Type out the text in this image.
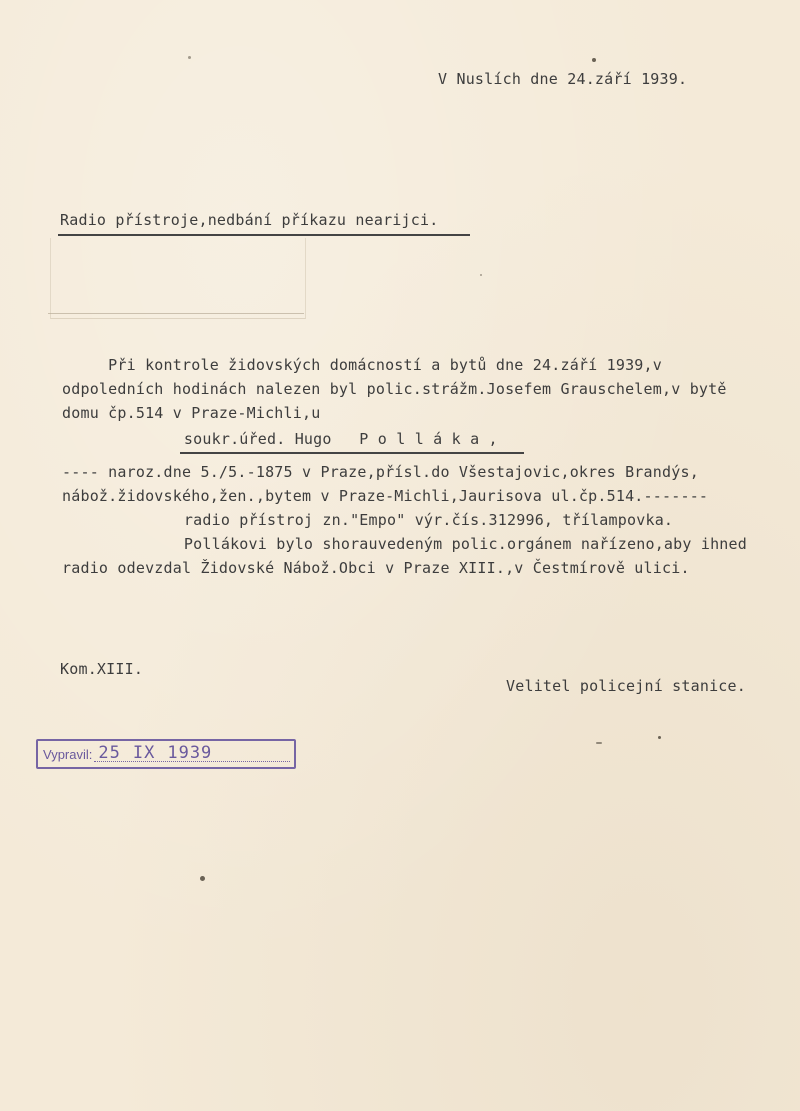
V Nuslích dne 24.září 1939.
Radio přístroje,nedbání příkazu nearijci.
Při kontrole židovských domácností a bytů dne 24.září 1939,v
odpoledních hodinách nalezen byl polic.strážm.Josefem Grauschelem,v bytě
domu čp.514 v Praze-Michli,u
soukr.úřed. Hugo   P o l l á k a ,
---- naroz.dne 5./5.-1875 v Praze,přísl.do Všestajovic,okres Brandýs,
nábož.židovského,žen.,bytem v Praze-Michli,Jaurisova ul.čp.514.-------
radio přístroj zn."Empo" výr.čís.312996, třílampovka.
Pollákovi bylo shorauvedeným polic.orgánem nařízeno,aby ihned
radio odevzdal Židovské Nábož.Obci v Praze XIII.,v Čestmírově ulici.
Kom.XIII.
Velitel policejní stanice.
Vypravil: 25 IX 1939
